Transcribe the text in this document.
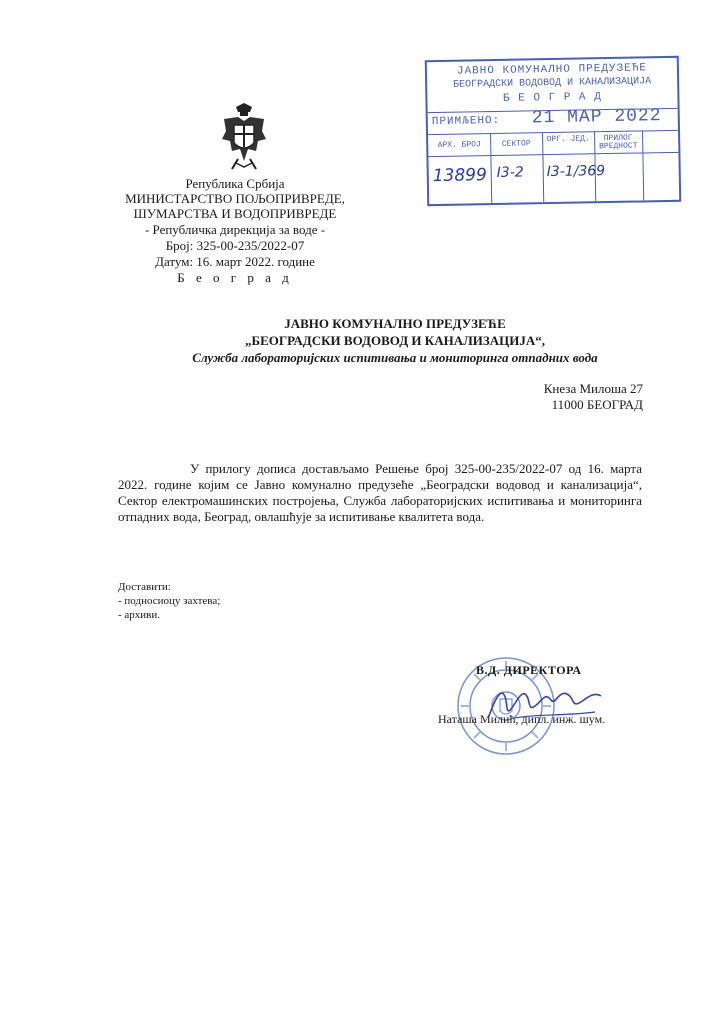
Република Србија
МИНИСТАРСТВО ПОЉОПРИВРЕДЕ,
ШУМАРСТВА И ВОДОПРИВРЕДЕ
- Републичка дирекција за воде -
Број: 325-00-235/2022-07
Датум: 16. март 2022. године
Б е о г р а д
ЈАВНО КОМУНАЛНО ПРЕДУЗЕЋЕ
БЕОГРАДСКИ ВОДОВОД И КАНАЛИЗАЦИЈА
Б Е О Г Р А Д
ПРИМЉЕНО: 21 МАР 2022
АРХ. БРОЈ	СЕКТОР
ОРГ. ЈЕД.	ПРИЛОГ ВРЕДНОСТ
13899 I3-2 I3-1/369
ЈАВНО КОМУНАЛНО ПРЕДУЗЕЋЕ
„БЕОГРАДСКИ ВОДОВОД И КАНАЛИЗАЦИЈА“,
Служба лабораторијских испитивања и мониторинга отпадних вода
Кнеза Милоша 27
11000 БЕОГРАД
У прилогу дописа достављамо Решење број 325-00-235/2022-07 од 16. марта 2022. године којим се Јавно комунално предузеће „Београдски водовод и канализација“, Сектор електромашинских постројења, Служба лабораторијских испитивања и мониторинга отпадних вода, Београд, овлашћује за испитивање квалитета вода.
Доставити:
- подносиоцу захтева;
- архиви.
В.Д. ДИРЕКТОРА
Наташа Милић, дипл. инж. шум.
